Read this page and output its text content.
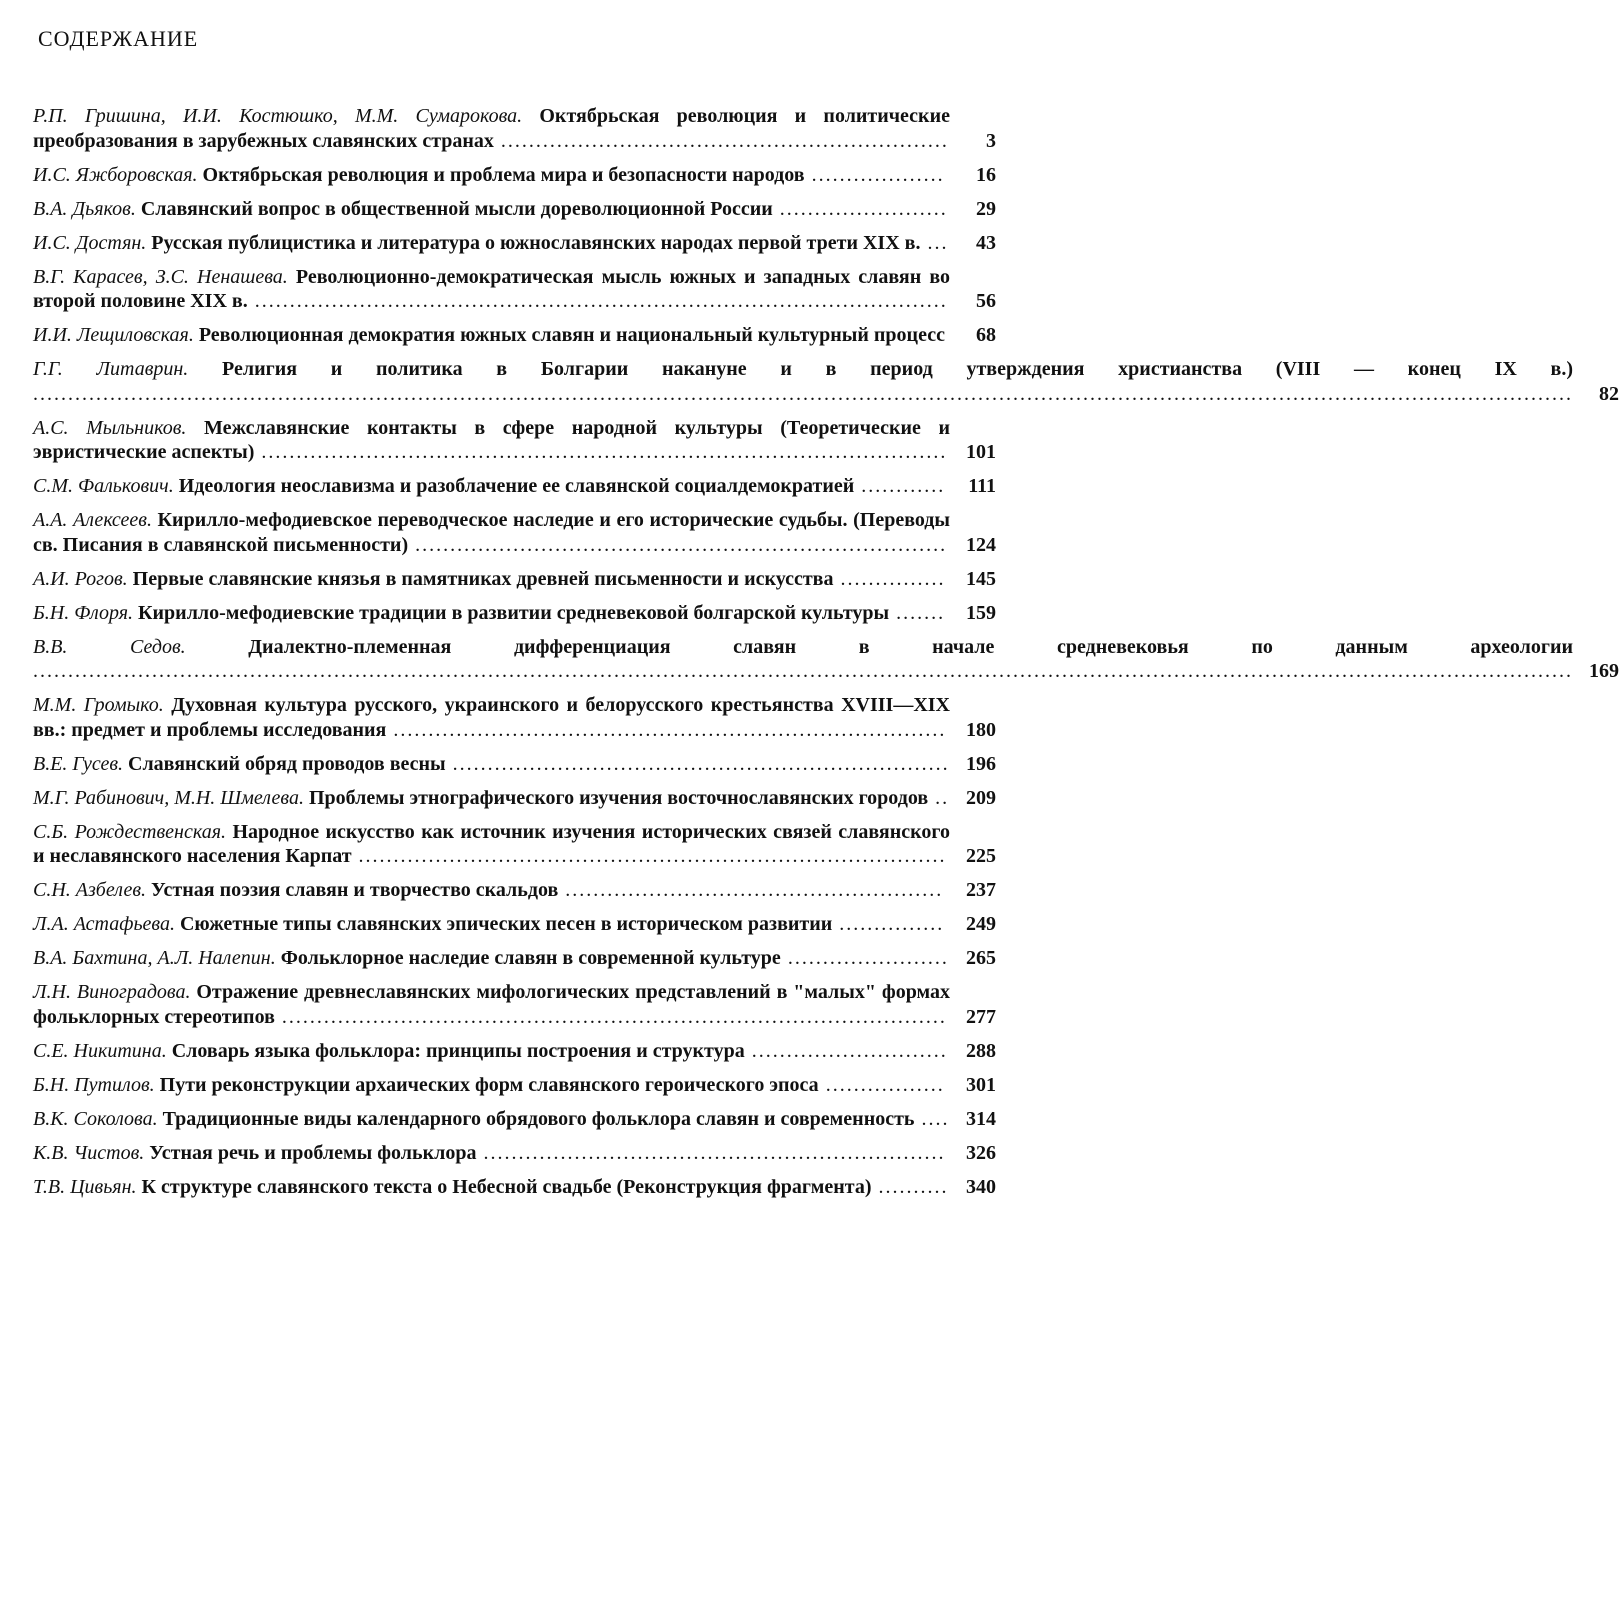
СОДЕРЖАНИЕ
Р.П. Гришина, И.И. Костюшко, М.М. Сумарокова. Октябрьская революция и политические преобразования в зарубежных славянских странах ................................................................	3
И.С. Яжборовская. Октябрьская революция и проблема мира и безопасности народов ...................	16
В.А. Дьяков. Славянский вопрос в общественной мысли дореволюционной России ........................	29
И.С. Достян. Русская публицистика и литература о южнославянских народах первой трети XIX в. ...	43
В.Г. Карасев, З.С. Ненашева. Революционно-демократическая мысль южных и западных славян во второй половине XIX в. ...................................................................................................	56
И.И. Лещиловская. Революционная демократия южных славян и национальный культурный процесс	68
Г.Г. Литаврин. Религия и политика в Болгарии накануне и в период утверждения христианства (VIII — конец IX в.) ............................................................................................................................................................................................................................	82
А.С. Мыльников. Межславянские контакты в сфере народной культуры (Теоретические и эвристические аспекты) .................................................................................................. 101
С.М. Фалькович. Идеология неославизма и разоблачение ее славянской социалдемократией ............	111
А.А. Алексеев. Кирилло-мефодиевское переводческое наследие и его исторические судьбы. (Переводы св. Писания в славянской письменности) ............................................................................ 124
А.И. Рогов. Первые славянские князья в памятниках древней письменности и искусства ...............	145
Б.Н. Флоря. Кирилло-мефодиевские традиции в развитии средневековой болгарской культуры .......	159
В.В. Седов.	Диалектно-племенная дифференциация славян в начале средневековья по данным археологии ............................................................................................................................................................................................................................ 169
М.М. Громыко. Духовная культура русского, украинского и белорусского крестьянства XVIII—XIX вв.: предмет и проблемы исследования ............................................................................... 180
В.Е. Гусев. Славянский обряд проводов весны ....................................................................... 196
М.Г. Рабинович, М.Н. Шмелева. Проблемы этнографического изучения восточнославянских городов .. 209
С.Б. Рождественская. Народное искусство как источник изучения исторических связей славянского и неславянского населения Карпат .................................................................................... 225
С.Н. Азбелев. Устная поэзия славян и творчество скальдов ......................................................	237
Л.А. Астафьева. Сюжетные типы славянских эпических песен в историческом развитии ...............	249
В.А. Бахтина, А.Л. Налепин. Фольклорное наследие славян в современной культуре ....................... 265
Л.Н. Виноградова. Отражение древнеславянских мифологических представлений в "малых" формах фольклорных стереотипов ............................................................................................... 277
С.Е. Никитина. Словарь языка фольклора: принципы построения и структура ............................ 288
Б.Н. Путилов. Пути реконструкции архаических форм славянского героического эпоса .................	301
В.К. Соколова. Традиционные виды календарного обрядового фольклора славян и современность .... 314
К.В. Чистов. Устная речь и проблемы фольклора ..................................................................	326
Т.В. Цивьян. К структуре славянского текста о Небесной свадьбе (Реконструкция фрагмента) .......... 340
